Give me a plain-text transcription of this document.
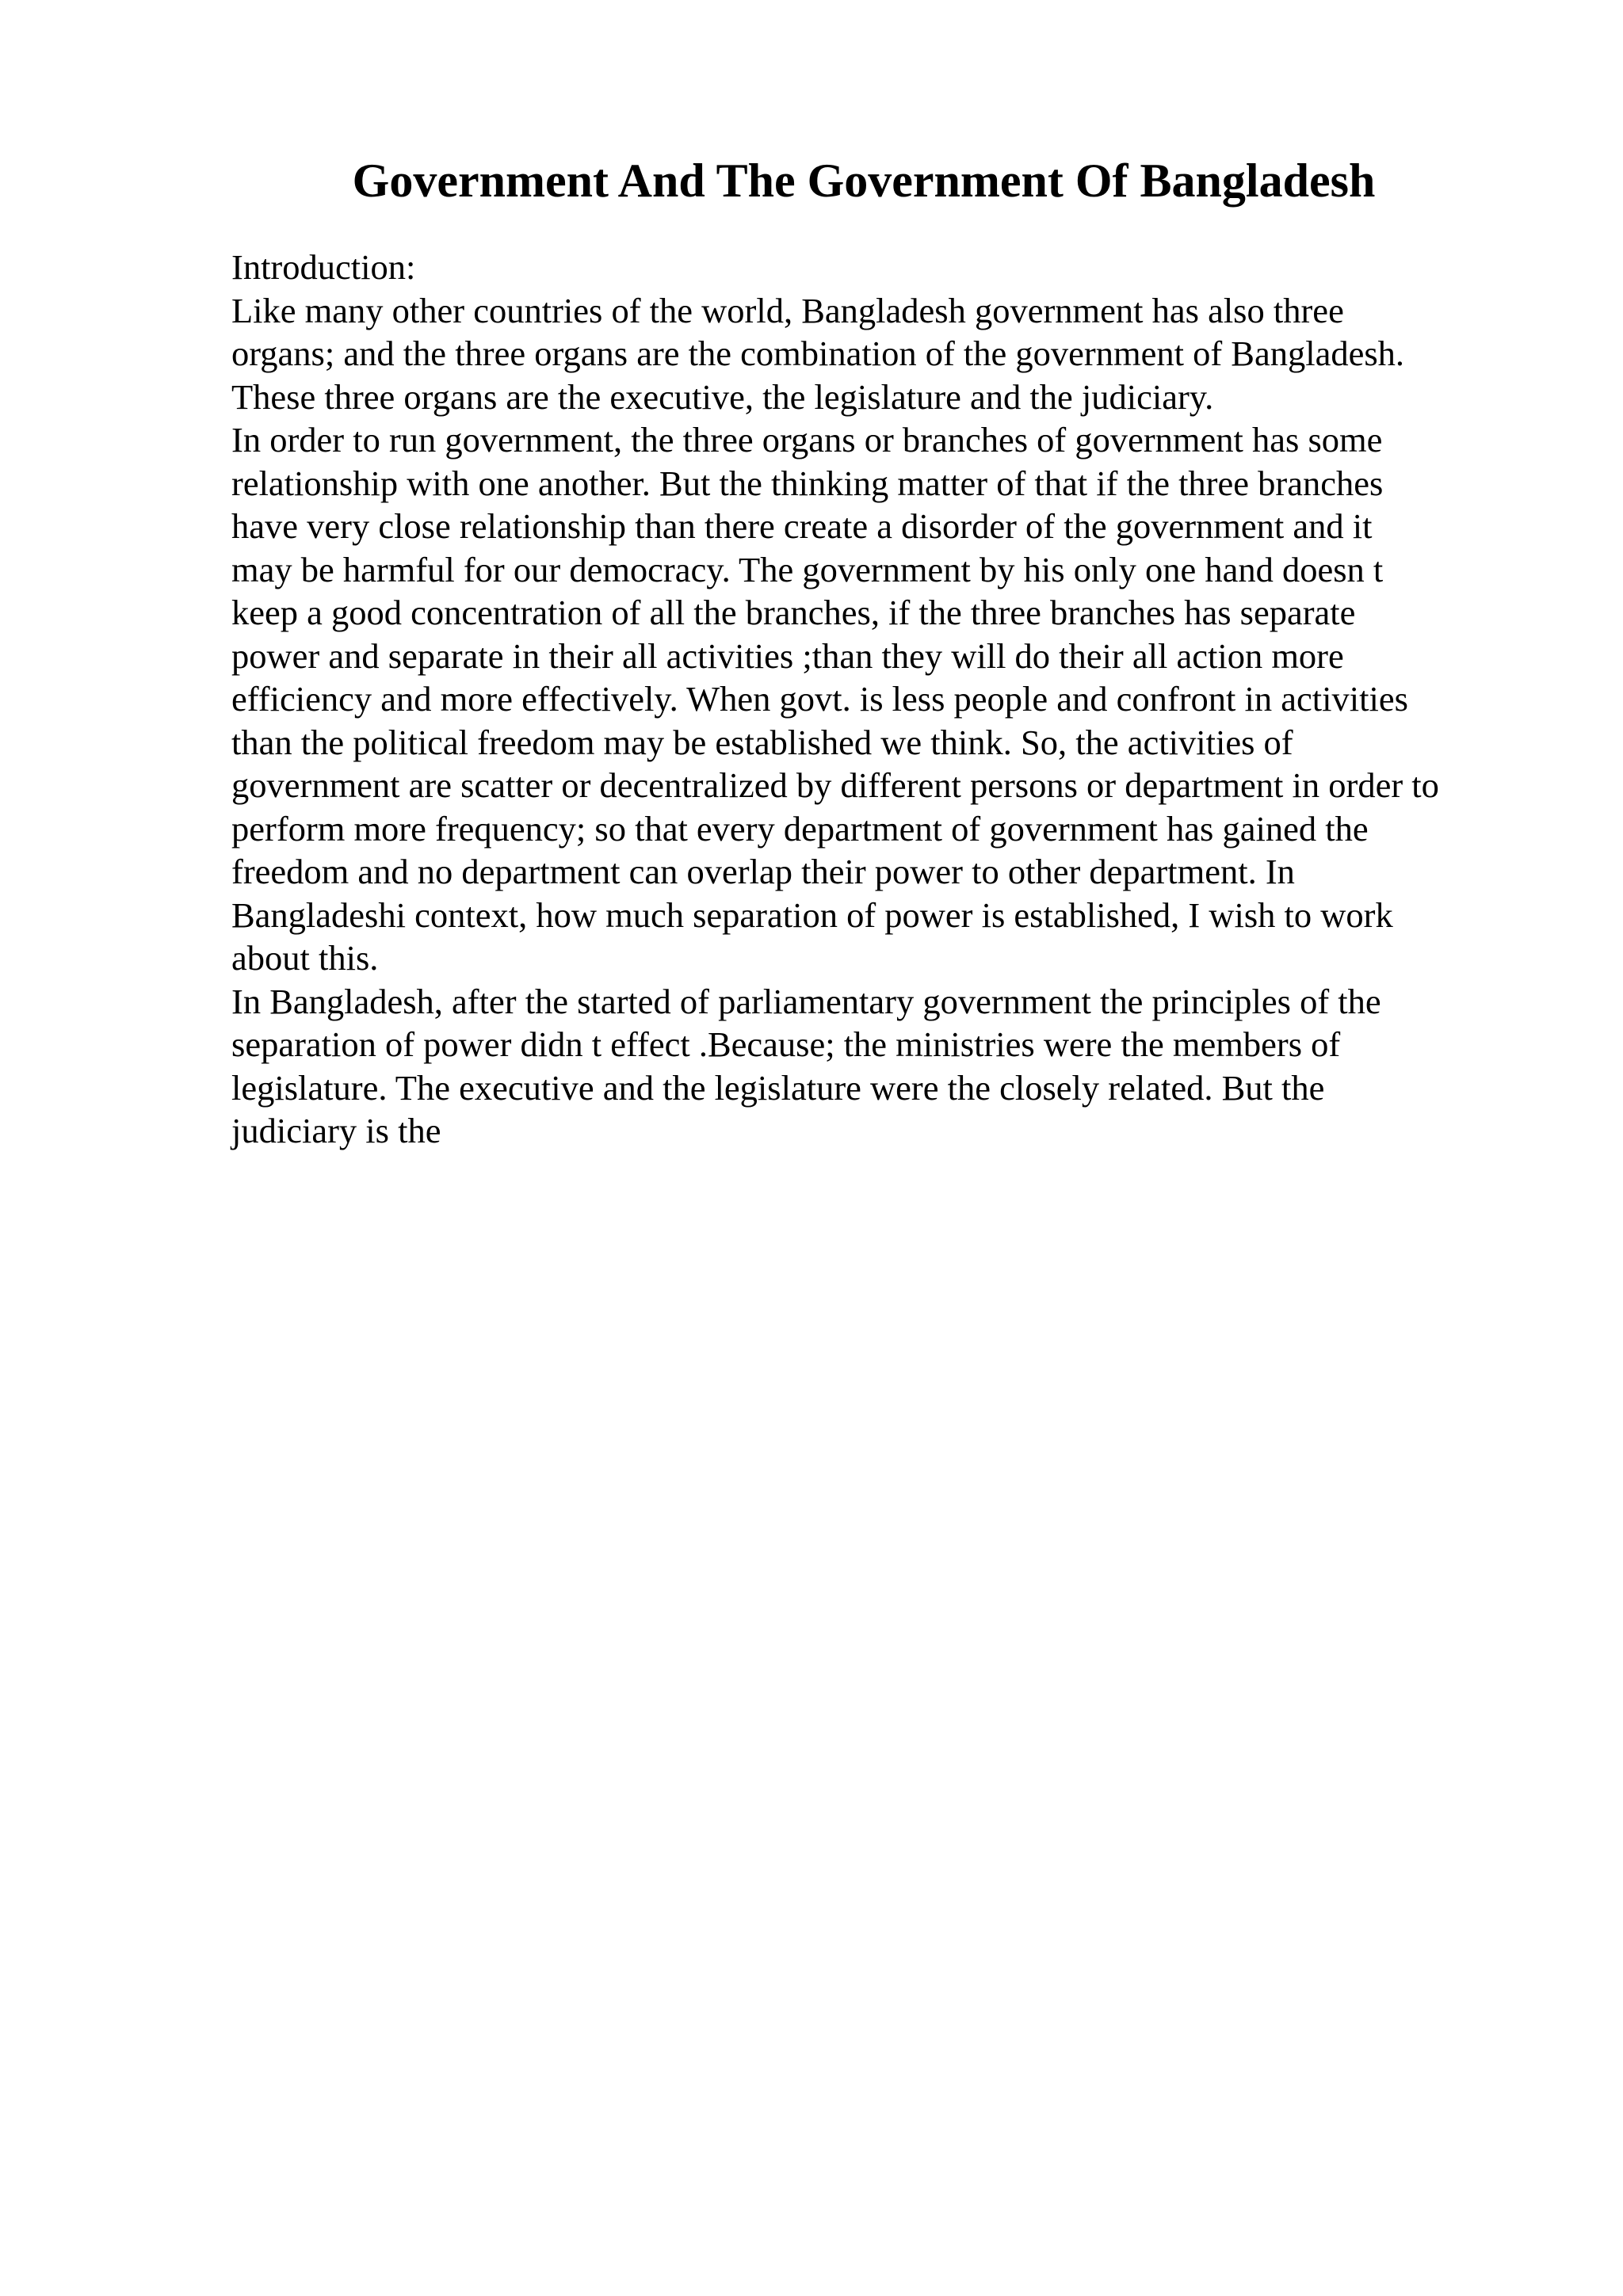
Government And The Government Of Bangladesh
Introduction:
Like many other countries of the world, Bangladesh government has also three
organs; and the three organs are the combination of the government of Bangladesh.
These three organs are the executive, the legislature and the judiciary.
In order to run government, the three organs or branches of government has some
relationship with one another. But the thinking matter of that if the three branches
have very close relationship than there create a disorder of the government and it
may be harmful for our democracy. The government by his only one hand doesn t
keep a good concentration of all the branches, if the three branches has separate
power and separate in their all activities ;than they will do their all action more
efficiency and more effectively. When govt. is less people and confront in activities
than the political freedom may be established we think. So, the activities of
government are scatter or decentralized by different persons or department in order to
perform more frequency; so that every department of government has gained the
freedom and no department can overlap their power to other department. In
Bangladeshi context, how much separation of power is established, I wish to work
about this.
In Bangladesh, after the started of parliamentary government the principles of the
separation of power didn t effect .Because; the ministries were the members of
legislature. The executive and the legislature were the closely related. But the
judiciary is the
